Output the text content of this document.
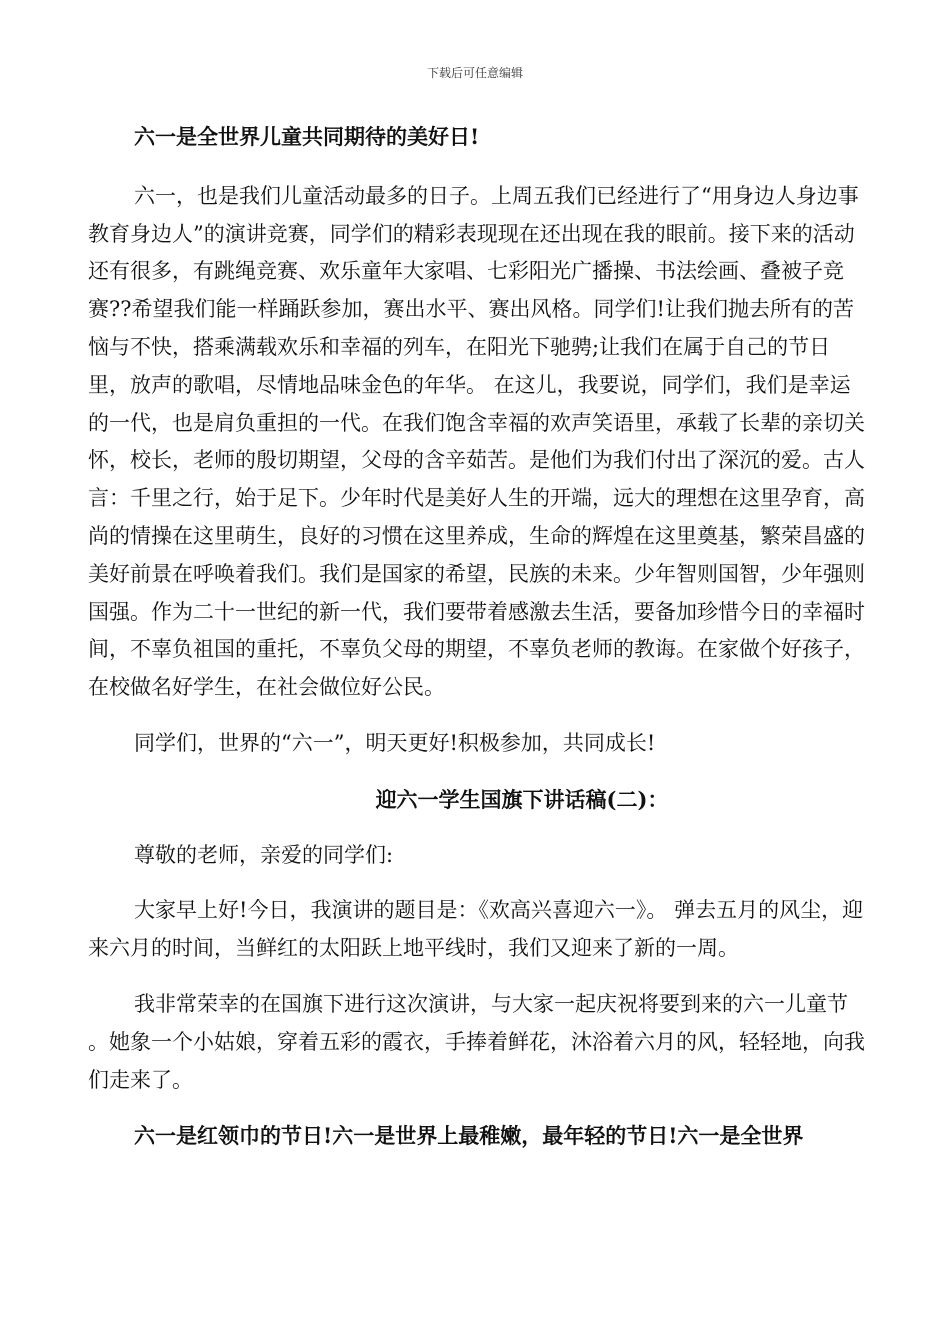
下载后可任意编辑

六一是全世界儿童共同期待的美好日!

六一，也是我们儿童活动最多的日子。上周五我们已经进行了“用身边人身边事教育身边人”的演讲竞赛，同学们的精彩表现现在还出现在我的眼前。接下来的活动还有很多，有跳绳竞赛、欢乐童年大家唱、七彩阳光广播操、书法绘画、叠被子竞赛??希望我们能一样踊跃参加，赛出水平、赛出风格。同学们!让我们抛去所有的苦恼与不快，搭乘满载欢乐和幸福的列车，在阳光下驰骋;让我们在属于自己的节日里，放声的歌唱，尽情地品味金色的年华。 在这儿，我要说，同学们，我们是幸运的一代，也是肩负重担的一代。在我们饱含幸福的欢声笑语里，承载了长辈的亲切关怀，校长，老师的殷切期望，父母的含辛茹苦。是他们为我们付出了深沉的爱。古人言：千里之行，始于足下。少年时代是美好人生的开端，远大的理想在这里孕育，高尚的情操在这里萌生，良好的习惯在这里养成，生命的辉煌在这里奠基，繁荣昌盛的美好前景在呼唤着我们。我们是国家的希望，民族的未来。少年智则国智，少年强则国强。作为二十一世纪的新一代，我们要带着感激去生活，要备加珍惜今日的幸福时间，不辜负祖国的重托，不辜负父母的期望，不辜负老师的教诲。在家做个好孩子，在校做名好学生，在社会做位好公民。

同学们，世界的“六一”，明天更好!积极参加，共同成长!

迎六一学生国旗下讲话稿(二)：

尊敬的老师，亲爱的同学们:

大家早上好!今日，我演讲的题目是：《欢高兴喜迎六一》。 弹去五月的风尘，迎来六月的时间，当鲜红的太阳跃上地平线时，我们又迎来了新的一周。

我非常荣幸的在国旗下进行这次演讲，与大家一起庆祝将要到来的六一儿童节 。她象一个小姑娘，穿着五彩的霞衣，手捧着鲜花，沐浴着六月的风，轻轻地，向我们走来了。

六一是红领巾的节日!六一是世界上最稚嫩，最年轻的节日!六一是全世界
